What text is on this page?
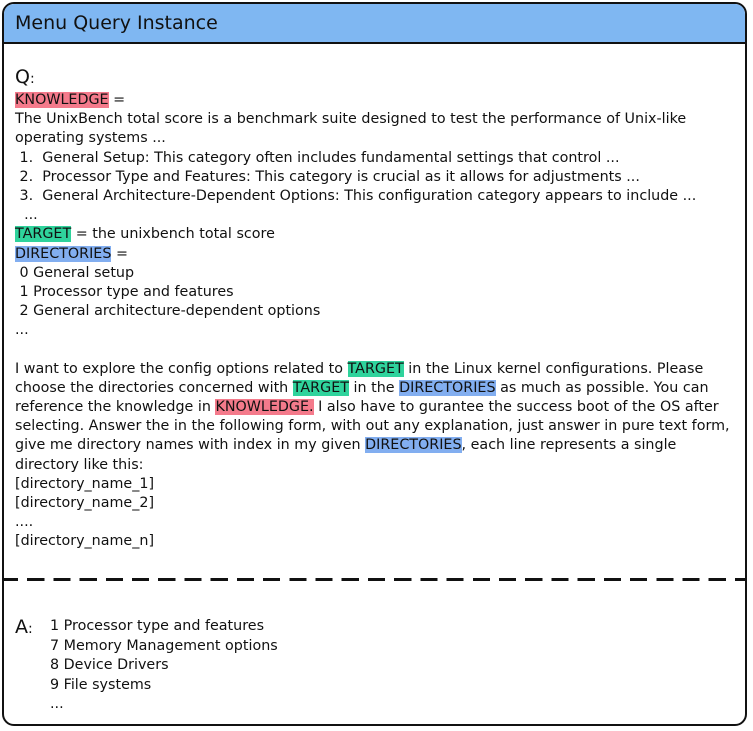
Menu Query Instance
Q:
KNOWLEDGE =
The UnixBench total score is a benchmark suite designed to test the performance of Unix-like operating systems ...
1.  General Setup: This category often includes fundamental settings that control ...
2.  Processor Type and Features: This category is crucial as it allows for adjustments ...
3.  General Architecture-Dependent Options: This configuration category appears to include ...
...
TARGET = the unixbench total score
DIRECTORIES =
0 General setup
1 Processor type and features
2 General architecture-dependent options
...
I want to explore the config options related to TARGET in the Linux kernel configurations. Please choose the directories concerned with TARGET in the DIRECTORIES as much as possible. You can reference the knowledge in KNOWLEDGE. I also have to gurantee the success boot of the OS after selecting. Answer the in the following form, with out any explanation, just answer in pure text form, give me directory names with index in my given DIRECTORIES, each line represents a single directory like this:
[directory_name_1]
[directory_name_2]
....
[directory_name_n]
A:	1 Processor type and features
7 Memory Management options
8 Device Drivers
9 File systems
...
